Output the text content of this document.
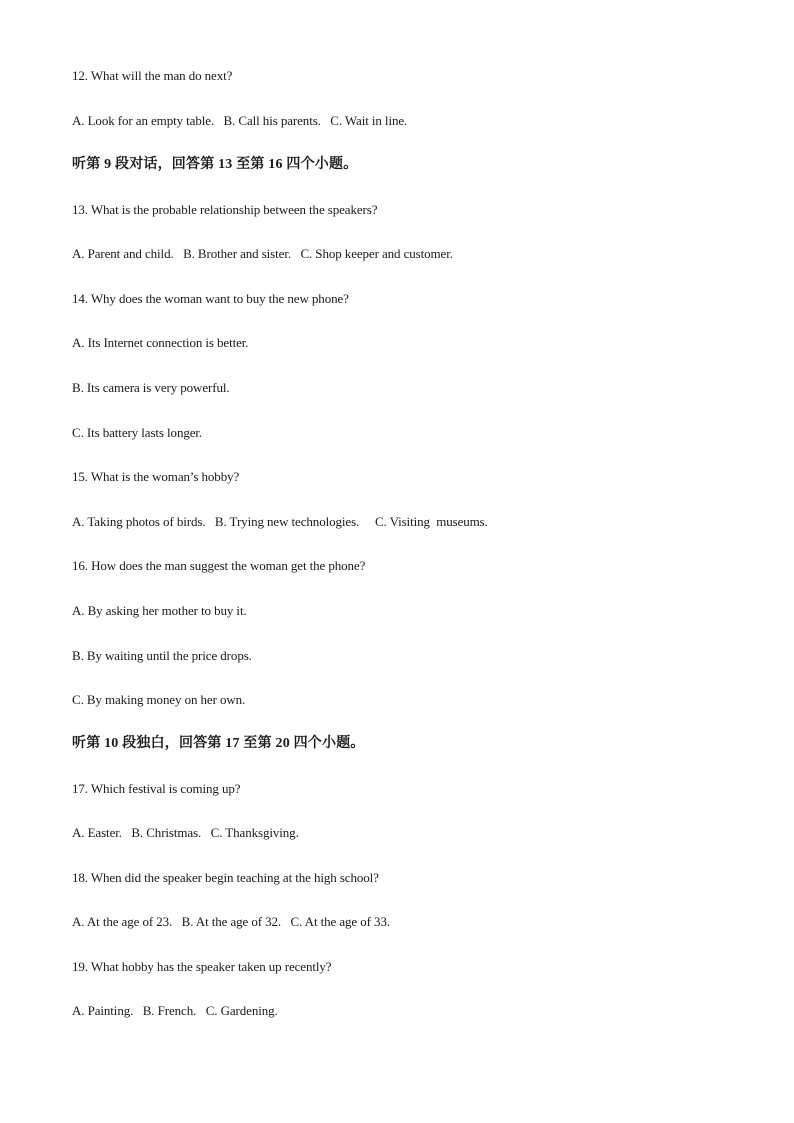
12. What will the man do next?
A. Look for an empty table.   B. Call his parents.   C. Wait in line.
听第 9 段对话，回答第 13 至第 16 四个小题。
13. What is the probable relationship between the speakers?
A. Parent and child.   B. Brother and sister.   C. Shop keeper and customer.
14. Why does the woman want to buy the new phone?
A. Its Internet connection is better.
B. Its camera is very powerful.
C. Its battery lasts longer.
15. What is the woman’s hobby?
A. Taking photos of birds.   B. Trying new technologies.     C. Visiting  museums.
16. How does the man suggest the woman get the phone?
A. By asking her mother to buy it.
B. By waiting until the price drops.
C. By making money on her own.
听第 10 段独白，回答第 17 至第 20 四个小题。
17. Which festival is coming up?
A. Easter.   B. Christmas.   C. Thanksgiving.
18. When did the speaker begin teaching at the high school?
A. At the age of 23.   B. At the age of 32.   C. At the age of 33.
19. What hobby has the speaker taken up recently?
A. Painting.   B. French.   C. Gardening.
